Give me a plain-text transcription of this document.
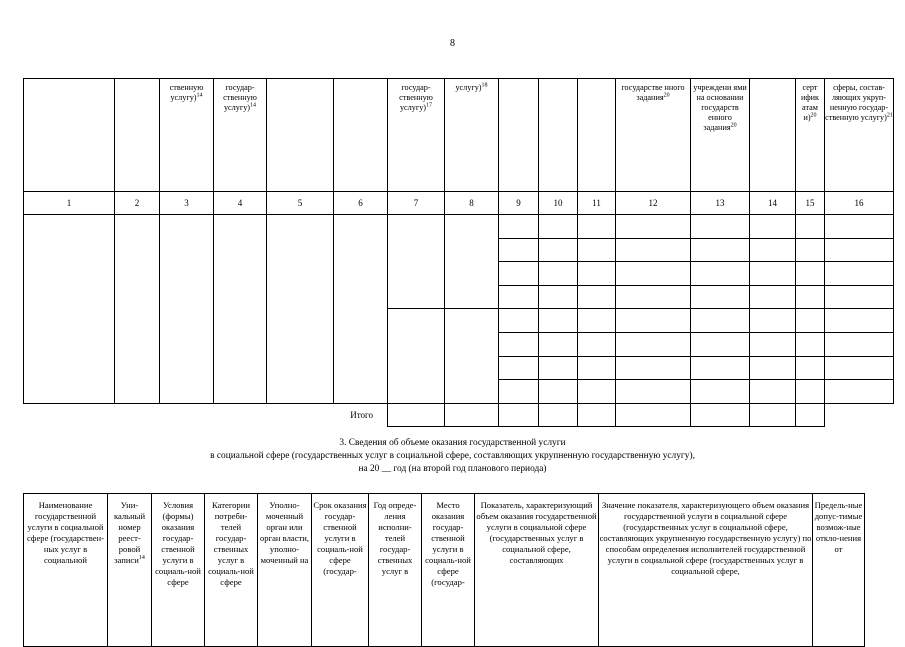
8
		ственную услугу)$^{14}$	государ-ственную услугу)$^{14}$			государ-ственную услугу)$^{17}$	услугу)$^{18}$				государстве нного задания$^{20}$	учреждени ями на основании государств енного задания$^{20}$		серт ифик атам и)$^{20}$	сферы, состав-ляющих укруп-ненную государ-ственную услугу)$^{21}$
1	2	3	4	5	6	7	8	9	10	11	12	13	14	15	16

Итого															
3. Сведения об объеме оказания государственной услуги
в социальной сфере (государственных услуг в социальной сфере, составляющих укрупненную государственную услугу),
на 20 __ год (на второй год планового периода)
Наименование государственной услуги в социальной сфере (государствен-ных услуг в социальной	Уни-кальный номер реест-ровой записи$^{14}$	Условия (формы) оказания государ-ственной услуги в социаль-ной сфере	Категории потреби-телей государ-ственных услуг в социаль-ной сфере	Уполно-моченный орган или орган власти, уполно-моченный на	Срок оказания государ-ственной услуги в социаль-ной сфере (государ-	Год опреде-ления исполни-телей государ-ственных услуг в	Место оказания государ-ственной услуги в социаль-ной сфере (государ-	Показатель, характеризующий объем оказания государственной услуги в социальной сфере (государственных услуг в социальной сфере, составляющих	Значение показателя, характеризующего объем оказания государственной услуги в социальной сфере (государственных услуг в социальной сфере, составляющих укрупненную государственную услугу) по способам определения исполнителей государственной услуги в социальной сфере (государственных услуг в социальной сфере,	Предель-ные допус-тимые возмож-ные откло-нения от
